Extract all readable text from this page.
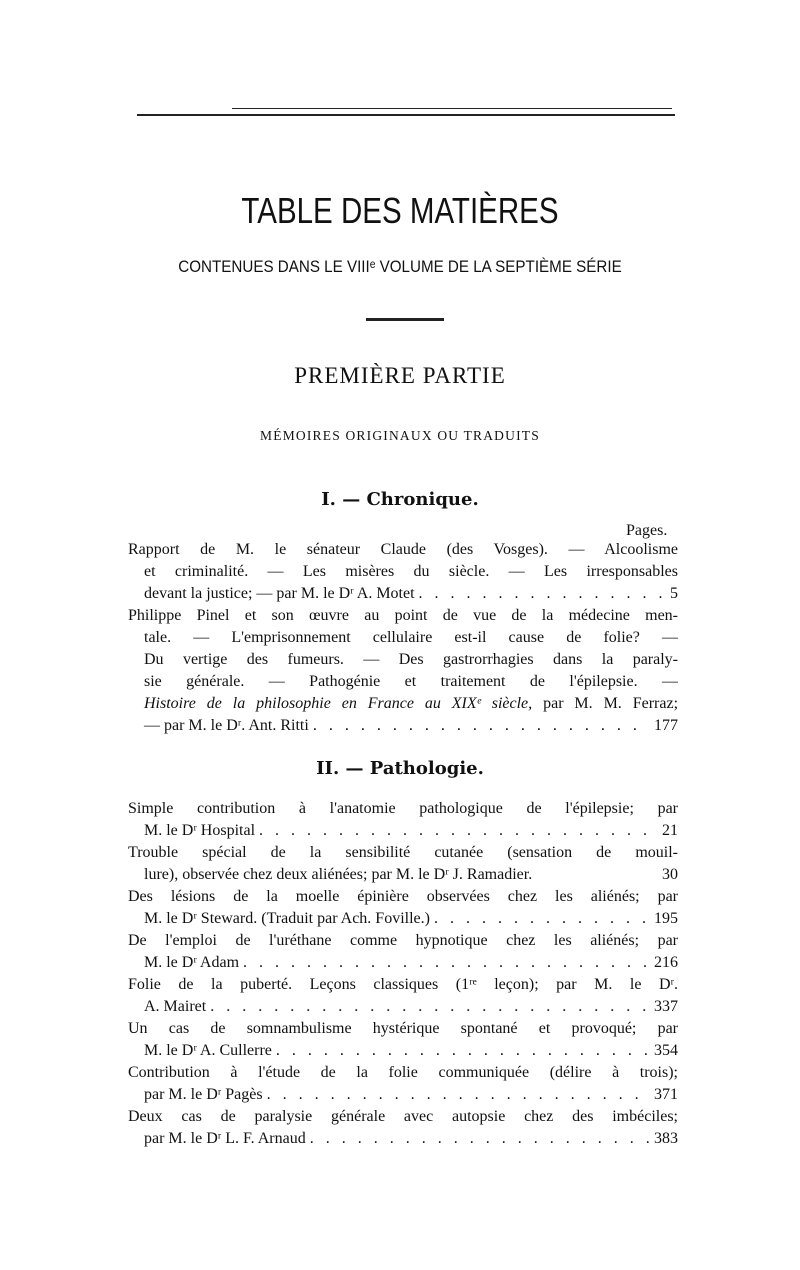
TABLE DES MATIÈRES
CONTENUES DANS LE VIIIᵉ VOLUME DE LA SEPTIÈME SÉRIE
PREMIÈRE PARTIE
MÉMOIRES ORIGINAUX OU TRADUITS
I. — Chronique.
Pages.
Rapport de M. le sénateur Claude (des Vosges). — Alcoolisme
et criminalité. — Les misères du siècle. — Les irresponsables
devant la justice; — par M. le Dʳ A. Motet . . .	5
Philippe Pinel et son œuvre au point de vue de la médecine men-
tale. — L'emprisonnement cellulaire est-il cause de folie? —
Du vertige des fumeurs. — Des gastrorrhagies dans la paraly-
sie générale. — Pathogénie et traitement de l'épilepsie. —
Histoire de la philosophie en France au XIXᵉ siècle, par M. M. Ferraz;
— par M. le Dʳ. Ant. Ritti . . .	177
II. — Pathologie.
Simple contribution à l'anatomie pathologique de l'épilepsie; par
M. le Dʳ Hospital . . .	21
Trouble spécial de la sensibilité cutanée (sensation de mouil-
lure), observée chez deux aliénées; par M. le Dʳ J. Ramadier.	30
Des lésions de la moelle épinière observées chez les aliénés; par
M. le Dʳ Steward. (Traduit par Ach. Foville.) . . .	195
De l'emploi de l'uréthane comme hypnotique chez les aliénés; par
M. le Dʳ Adam . . .	216
Folie de la puberté. Leçons classiques (1ʳᵉ leçon); par M. le Dʳ.
A. Mairet . . .	337
Un cas de somnambulisme hystérique spontané et provoqué; par
M. le Dʳ A. Cullerre . . .	354
Contribution à l'étude de la folie communiquée (délire à trois);
par M. le Dʳ Pagès . . .	371
Deux cas de paralysie générale avec autopsie chez des imbéciles;
par M. le Dʳ L. F. Arnaud . . .	383
